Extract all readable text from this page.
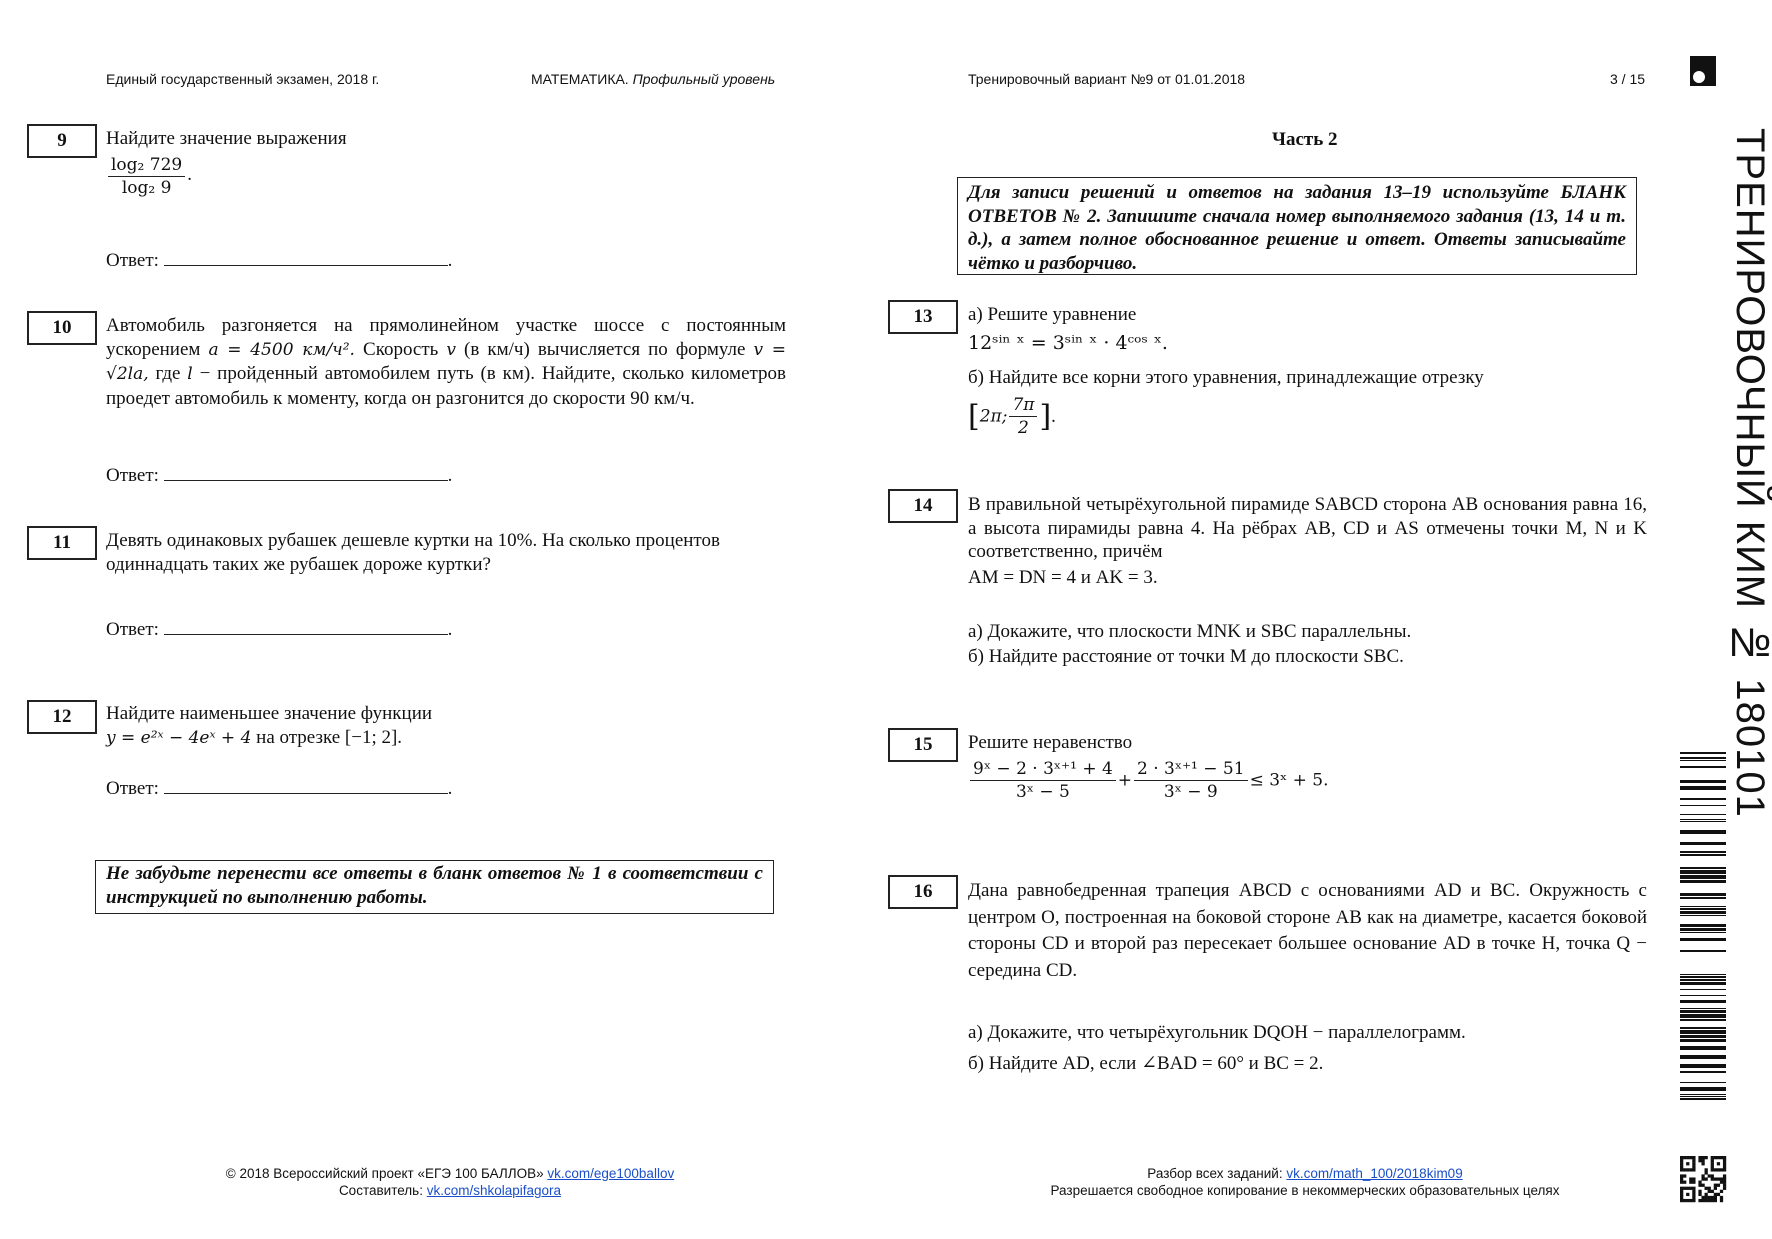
Единый государственный экзамен, 2018 г.	МАТЕМАТИКА. Профильный уровень	Тренировочный вариант №9 от 01.01.2018	3 / 15
ТРЕНИРОВОЧНЫЙ КИМ № 180101
9	Найдите значение выражения
$\frac{\text{log₂ 729}}{\text{log₂ 9}}$ .
Ответ:	.
10	Автомобиль разгоняется на прямолинейном участке шоссе с постоянным ускорением a = 4500 км/ч². Скорость v (в км/ч) вычисляется по формуле v = √2la, где l − пройденный автомобилем путь (в км). Найдите, сколько километров проедет автомобиль к моменту, когда он разгонится до скорости 90 км/ч.
Ответ:	.
11	Девять одинаковых рубашек дешевле куртки на 10%. На сколько процентов одиннадцать таких же рубашек дороже куртки?
Ответ:	.
12	Найдите наименьшее значение функции
y = e²ˣ − 4eˣ + 4 на отрезке [−1; 2].
Ответ:	.
Не забудьте перенести все ответы в бланк ответов № 1 в соответствии с инструкцией по выполнению работы.
Часть 2
Для записи решений и ответов на задания 13–19 используйте БЛАНК ОТВЕТОВ № 2. Запишите сначала номер выполняемого задания (13, 14 и т. д.), а затем полное обоснованное решение и ответ. Ответы записывайте чётко и разборчиво.
13	а) Решите уравнение
12ˢⁱⁿ ˣ = 3ˢⁱⁿ ˣ · 4ᶜᵒˢ ˣ.
б) Найдите все корни этого уравнения, принадлежащие отрезку
[2π; $\frac{7\pi}{2}$ ].
14	В правильной четырёхугольной пирамиде SABCD сторона AB основания равна 16, а высота пирамиды равна 4. На рёбрах AB, CD и AS отмечены точки M, N и K соответственно, причём
AM = DN = 4 и AK = 3.
а) Докажите, что плоскости MNK и SBC параллельны.
б) Найдите расстояние от точки M до плоскости SBC.
15	Решите неравенство
$\frac{\text{9ˣ − 2 · 3ˣ⁺¹ + 4}}{\text{3ˣ − 5}} + \frac{\text{2 · 3ˣ⁺¹ − 51}}{\text{3ˣ − 9}}$ ≤ 3ˣ + 5.
16	Дана равнобедренная трапеция ABCD с основаниями AD и BC. Окружность с центром O, построенная на боковой стороне AB как на диаметре, касается боковой стороны CD и второй раз пересекает большее основание AD в точке H, точка Q − середина CD.
а) Докажите, что четырёхугольник DQOH − параллелограмм.
б) Найдите AD, если ∠BAD = 60° и BC = 2.
© 2018 Всероссийский проект «ЕГЭ 100 БАЛЛОВ» vk.com/ege100ballov
Составитель: vk.com/shkolapifagora
Разбор всех заданий: vk.com/math_100/2018kim09
Разрешается свободное копирование в некоммерческих образовательных целях
